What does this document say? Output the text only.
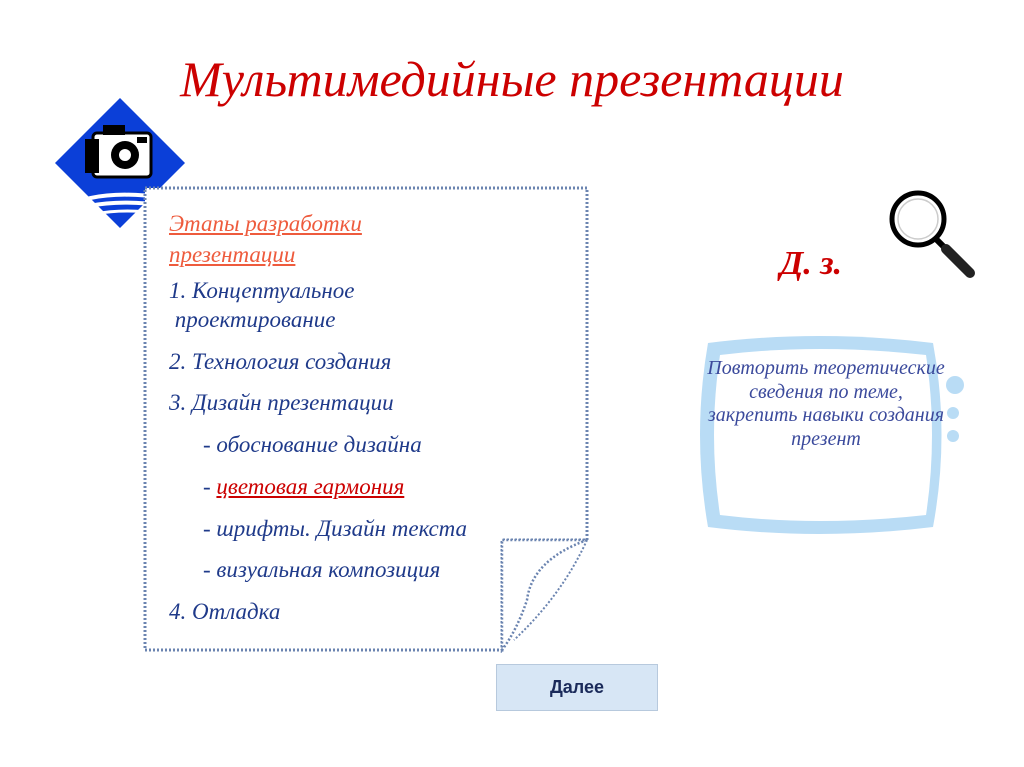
Мультимедийные презентации
Этапы разработки презентации
1. Концептуальное
проектирование
2. Технология создания
3. Дизайн презентации
- обоснование дизайна
- цветовая гармония
- шрифты. Дизайн текста
- визуальная композиция
4. Отладка
Д. з.
Повторить теоретические сведения по теме, закрепить навыки создания презент
Далее
